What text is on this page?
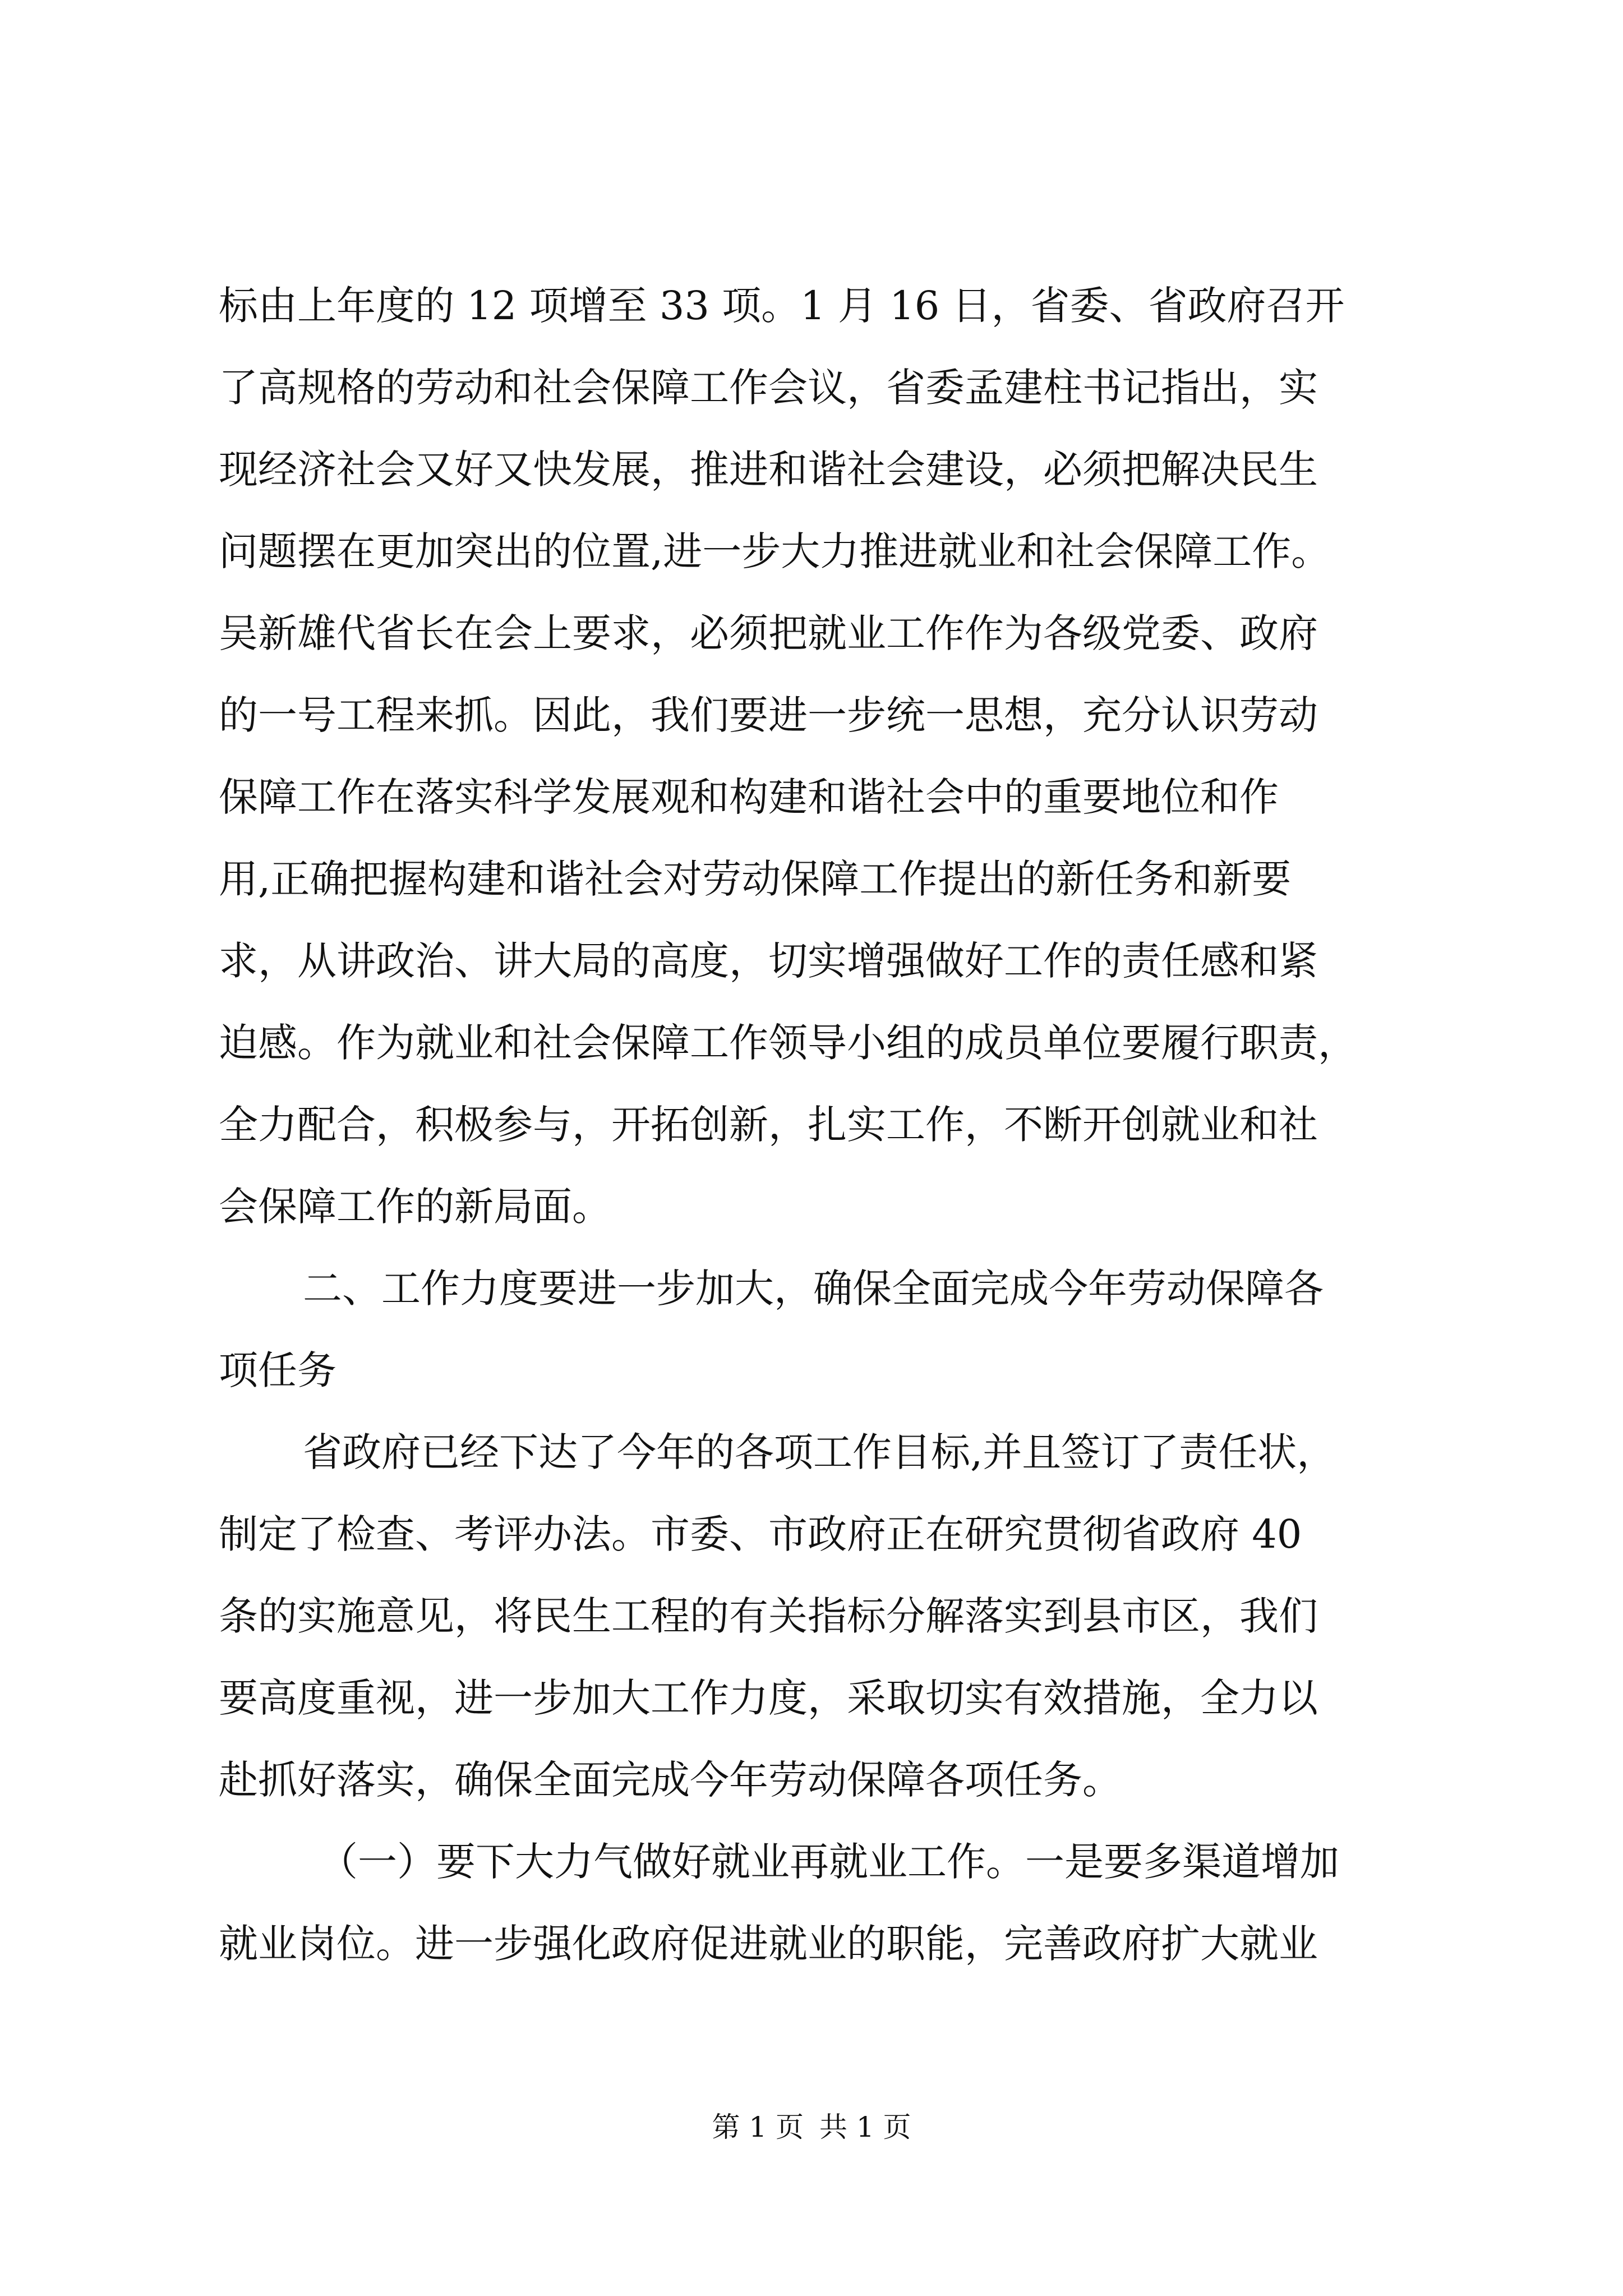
标由上年度的 12 项增至 33 项。1 月 16 日，省委、省政府召开
了高规格的劳动和社会保障工作会议，省委孟建柱书记指出，实
现经济社会又好又快发展，推进和谐社会建设，必须把解决民生
问题摆在更加突出的位置,进一步大力推进就业和社会保障工作。
吴新雄代省长在会上要求，必须把就业工作作为各级党委、政府
的一号工程来抓。因此，我们要进一步统一思想，充分认识劳动
保障工作在落实科学发展观和构建和谐社会中的重要地位和作
用,正确把握构建和谐社会对劳动保障工作提出的新任务和新要
求，从讲政治、讲大局的高度，切实增强做好工作的责任感和紧
迫感。作为就业和社会保障工作领导小组的成员单位要履行职责，
全力配合，积极参与，开拓创新，扎实工作，不断开创就业和社
会保障工作的新局面。
二、工作力度要进一步加大，确保全面完成今年劳动保障各
项任务
省政府已经下达了今年的各项工作目标,并且签订了责任状，
制定了检查、考评办法。市委、市政府正在研究贯彻省政府 40
条的实施意见，将民生工程的有关指标分解落实到县市区，我们
要高度重视，进一步加大工作力度，采取切实有效措施，全力以
赴抓好落实，确保全面完成今年劳动保障各项任务。
（一）要下大力气做好就业再就业工作。一是要多渠道增加
就业岗位。进一步强化政府促进就业的职能，完善政府扩大就业
第 1 页 共 1 页
